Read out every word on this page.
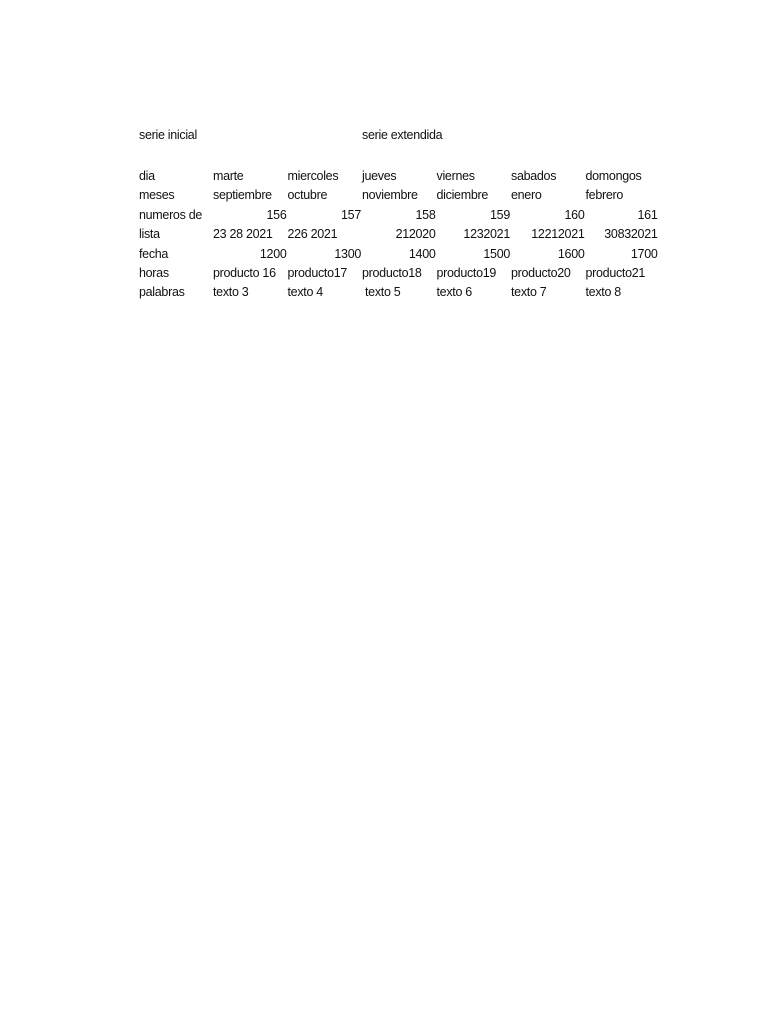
serie inicial	serie extendida
dia	marte	miercoles	jueves	viernes	sabados	domongos
meses	septiembre	octubre	noviembre	diciembre	enero	febrero
numeros de	156	157	158	159	160	161
lista	23 28 2021	226 2021	212020	1232021	12212021	30832021
fecha	1200	1300	1400	1500	1600	1700
horas	producto 16	producto17	producto18	producto19	producto20	producto21
palabras	texto 3	texto 4	texto 5	texto 6	texto 7	texto 8
